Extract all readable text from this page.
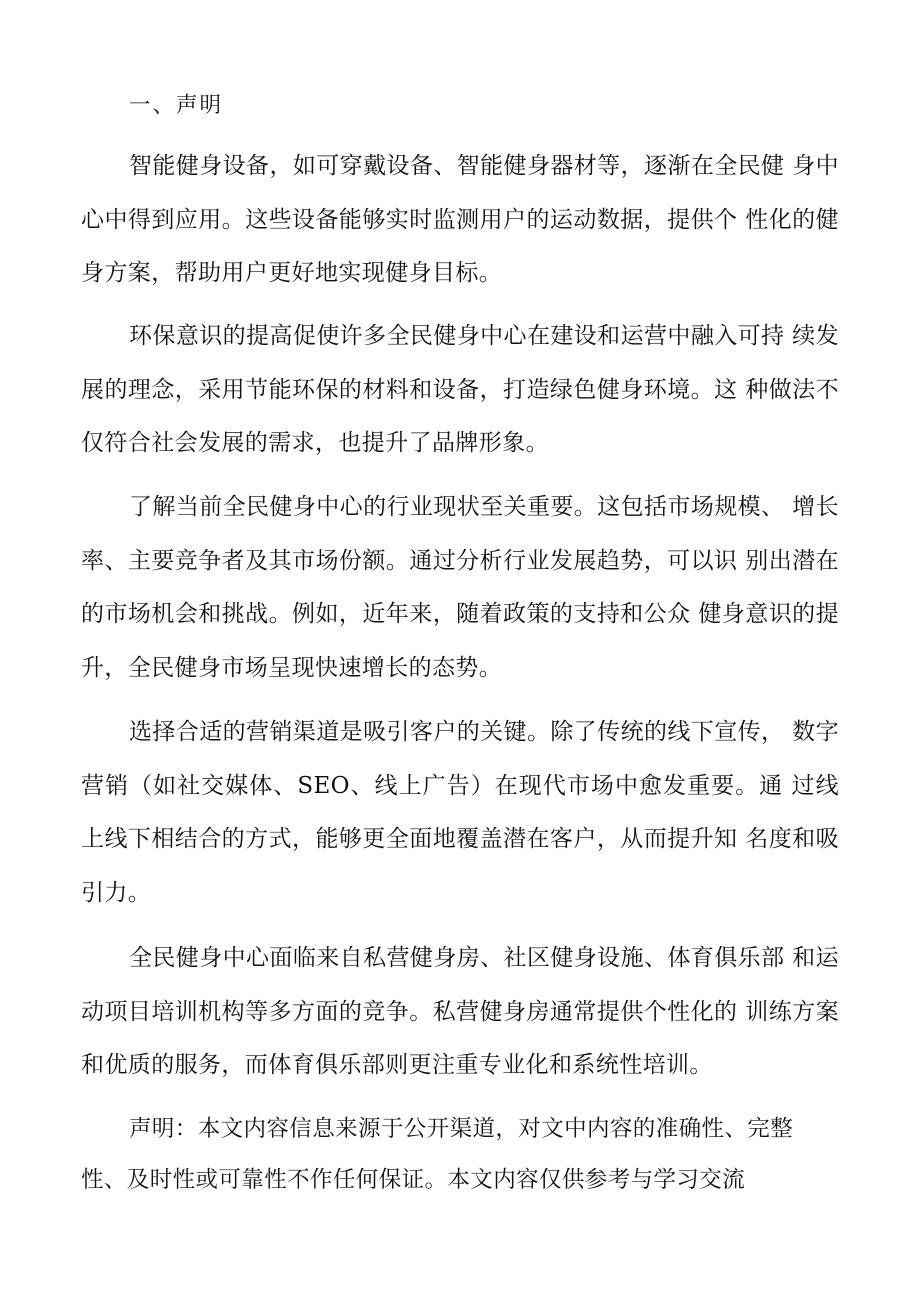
一、声明

智能健身设备，如可穿戴设备、智能健身器材等，逐渐在全民健 身中心中得到应用。这些设备能够实时监测用户的运动数据，提供个 性化的健身方案，帮助用户更好地实现健身目标。

环保意识的提高促使许多全民健身中心在建设和运营中融入可持 续发展的理念，采用节能环保的材料和设备，打造绿色健身环境。这 种做法不仅符合社会发展的需求，也提升了品牌形象。

了解当前全民健身中心的行业现状至关重要。这包括市场规模、 增长率、主要竞争者及其市场份额。通过分析行业发展趋势，可以识 别出潜在的市场机会和挑战。例如，近年来，随着政策的支持和公众 健身意识的提升，全民健身市场呈现快速增长的态势。

选择合适的营销渠道是吸引客户的关键。除了传统的线下宣传， 数字营销（如社交媒体、SEO、线上广告）在现代市场中愈发重要。通 过线上线下相结合的方式，能够更全面地覆盖潜在客户，从而提升知 名度和吸引力。

全民健身中心面临来自私营健身房、社区健身设施、体育俱乐部 和运动项目培训机构等多方面的竞争。私营健身房通常提供个性化的 训练方案和优质的服务，而体育俱乐部则更注重专业化和系统性培训。

声明：本文内容信息来源于公开渠道，对文中内容的准确性、完整性、及时性或可靠性不作任何保证。本文内容仅供参考与学习交流
